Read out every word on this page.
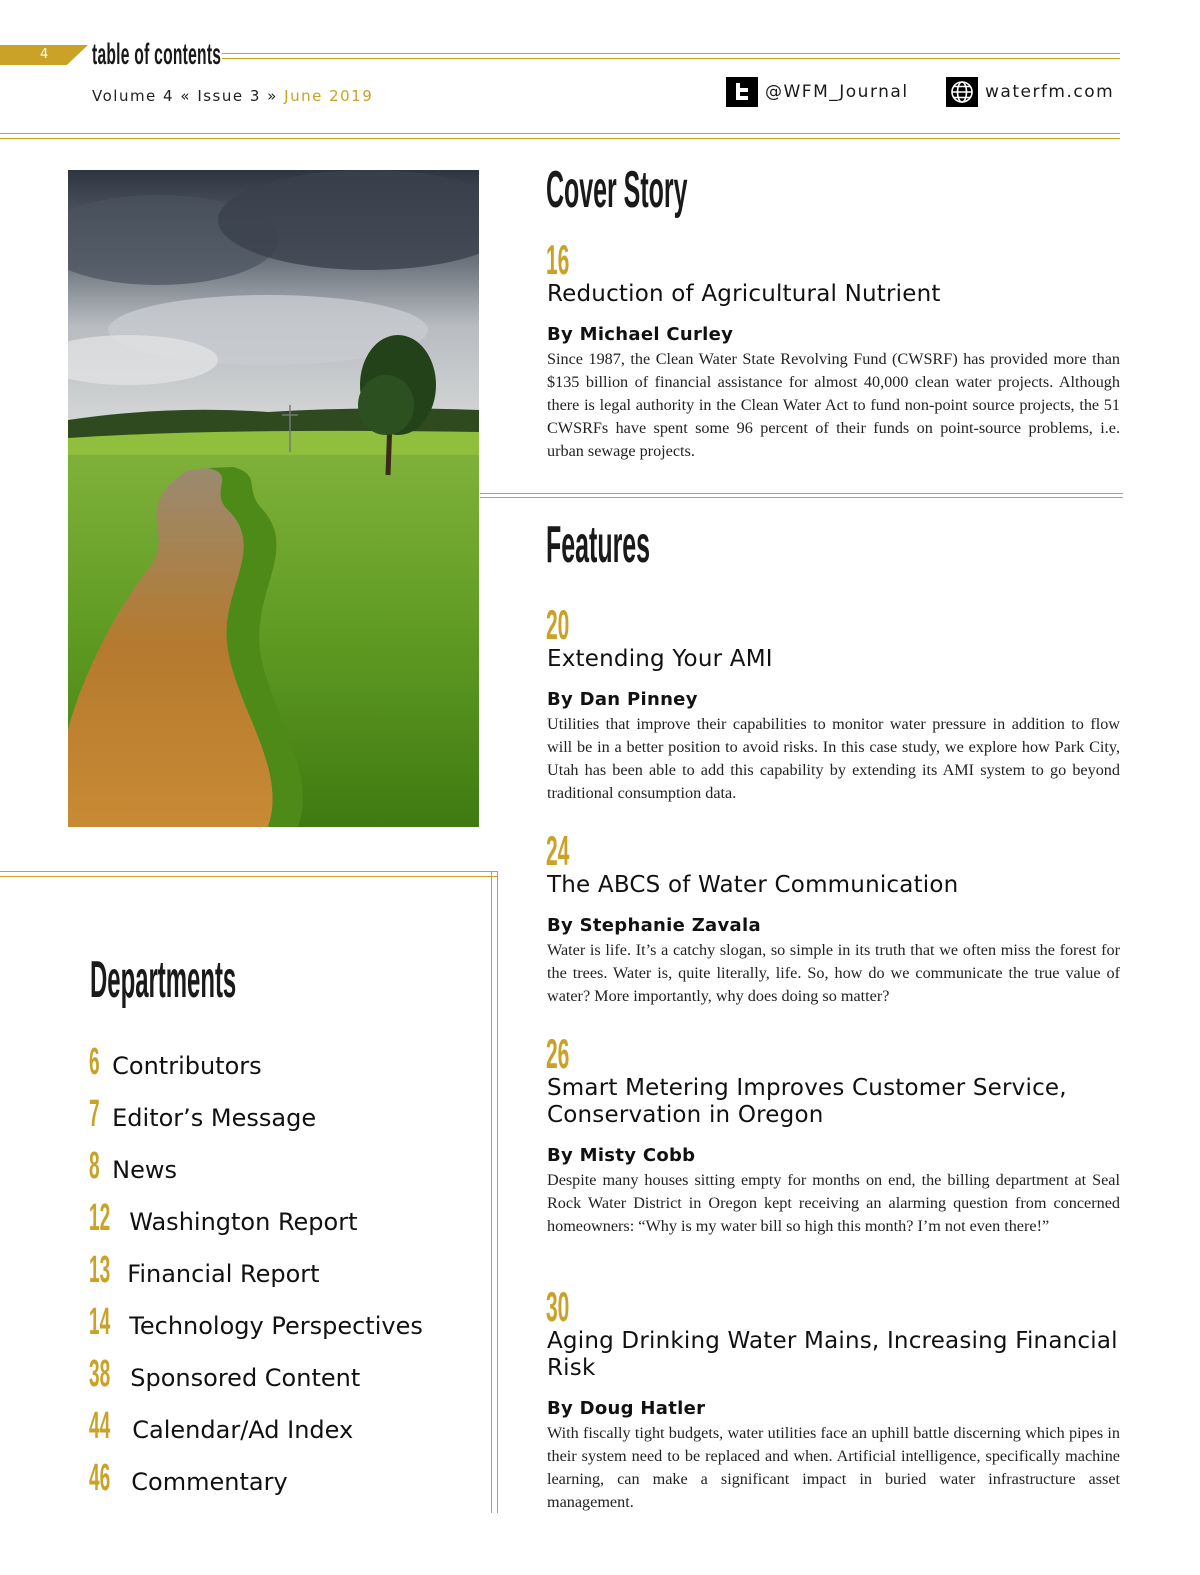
4 table of contents
Volume 4 « Issue 3 » June 2019	@WFM_Journal	waterfm.com
Cover Story
16
Reduction of Agricultural Nutrient
By Michael Curley
Since 1987, the Clean Water State Revolving Fund (CWSRF) has provided more than $135 billion of financial assistance for almost 40,000 clean water projects. Although there is legal authority in the Clean Water Act to fund non-point source projects, the 51 CWSRFs have spent some 96 percent of their funds on point-source problems, i.e. urban sewage projects.
Features
20
Extending Your AMI
By Dan Pinney
Utilities that improve their capabilities to monitor water pressure in addition to flow will be in a better position to avoid risks. In this case study, we explore how Park City, Utah has been able to add this capability by extending its AMI system to go beyond traditional consumption data.
24
The ABCS of Water Communication
By Stephanie Zavala
Water is life. It’s a catchy slogan, so simple in its truth that we often miss the forest for the trees. Water is, quite literally, life. So, how do we communicate the true value of water? More importantly, why does doing so matter?
26
Smart Metering Improves Customer Service, Conservation in Oregon
By Misty Cobb
Despite many houses sitting empty for months on end, the billing department at Seal Rock Water District in Oregon kept receiving an alarming question from concerned homeowners: “Why is my water bill so high this month? I’m not even there!”
30
Aging Drinking Water Mains, Increasing Financial Risk
By Doug Hatler
With fiscally tight budgets, water utilities face an uphill battle discerning which pipes in their system need to be replaced and when. Artificial intelligence, specifically machine learning, can make a significant impact in buried water infrastructure asset management.
Departments
6 Contributors
7 Editor’s Message
8 News
12 Washington Report
13 Financial Report
14 Technology Perspectives
38 Sponsored Content
44 Calendar/Ad Index
46 Commentary
